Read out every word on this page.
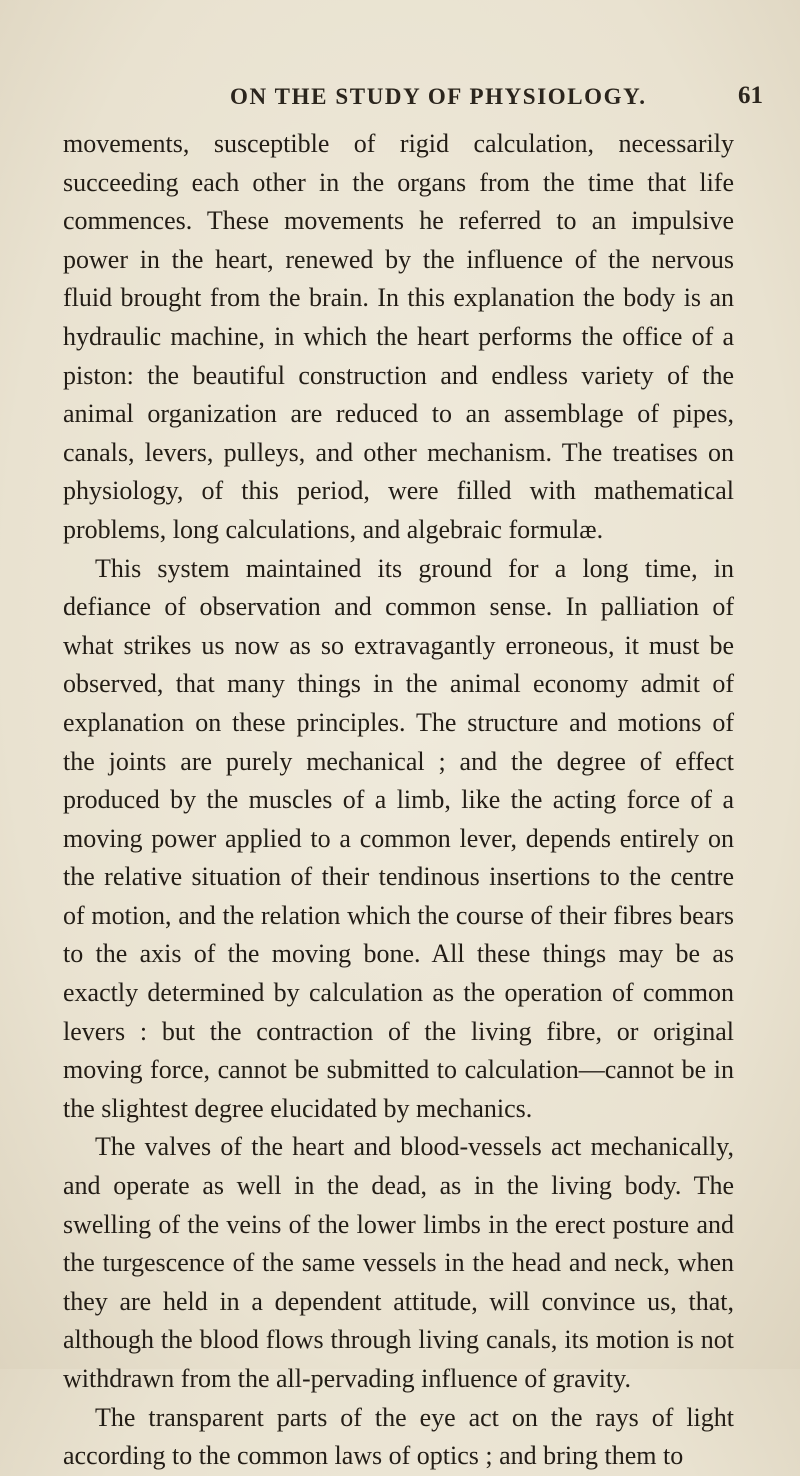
ON THE STUDY OF PHYSIOLOGY.	61

movements, susceptible of rigid calculation, necessarily succeeding each other in the organs from the time that life commences. These movements he referred to an impulsive power in the heart, renewed by the influence of the nervous fluid brought from the brain. In this explanation the body is an hydraulic machine, in which the heart performs the office of a piston: the beautiful construction and endless variety of the animal organization are reduced to an assemblage of pipes, canals, levers, pulleys, and other mechanism. The treatises on physiology, of this period, were filled with mathematical problems, long calculations, and algebraic formulæ.

This system maintained its ground for a long time, in defiance of observation and common sense. In palliation of what strikes us now as so extravagantly erroneous, it must be observed, that many things in the animal economy admit of explanation on these principles. The structure and motions of the joints are purely mechanical ; and the degree of effect produced by the muscles of a limb, like the acting force of a moving power applied to a common lever, depends entirely on the relative situation of their tendinous insertions to the centre of motion, and the relation which the course of their fibres bears to the axis of the moving bone. All these things may be as exactly determined by calculation as the operation of common levers : but the contraction of the living fibre, or original moving force, cannot be submitted to calculation—cannot be in the slightest degree elucidated by mechanics.

The valves of the heart and blood-vessels act mechanically, and operate as well in the dead, as in the living body. The swelling of the veins of the lower limbs in the erect posture and the turgescence of the same vessels in the head and neck, when they are held in a dependent attitude, will convince us, that, although the blood flows through living canals, its motion is not withdrawn from the all-pervading influence of gravity.

The transparent parts of the eye act on the rays of light according to the common laws of optics ; and bring them to
